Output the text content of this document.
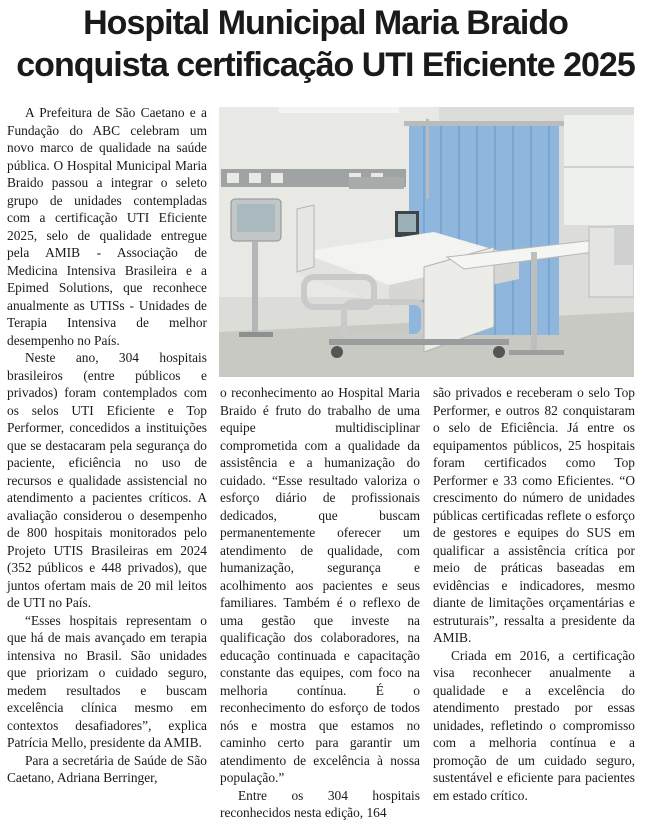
Hospital Municipal Maria Braido
conquista certificação UTI Eficiente 2025

A Prefeitura de São Caetano e a Fundação do ABC celebram um novo marco de qualidade na saúde pública. O Hospital Municipal Maria Braido passou a integrar o seleto grupo de unidades contempladas com a certificação UTI Eficiente 2025, selo de qualidade entregue pela AMIB - Associação de Medicina Intensiva Brasileira e a Epimed Solutions, que reconhece anualmente as UTISs - Unidades de Terapia Intensiva de melhor desempenho no País.

Neste ano, 304 hospitais brasileiros (entre públicos e privados) foram contemplados com os selos UTI Eficiente e Top Performer, concedidos a instituições que se destacaram pela segurança do paciente, eficiência no uso de recursos e qualidade assistencial no atendimento a pacientes críticos. A avaliação considerou o desempenho de 800 hospitais monitorados pelo Projeto UTIS Brasileiras em 2024 (352 públicos e 448 privados), que juntos ofertam mais de 20 mil leitos de UTI no País.

“Esses hospitais representam o que há de mais avançado em terapia intensiva no Brasil. São unidades que priorizam o cuidado seguro, medem resultados e buscam excelência clínica mesmo em contextos desafiadores”, explica Patrícia Mello, presidente da AMIB.

Para a secretária de Saúde de São Caetano, Adriana Berringer,

o reconhecimento ao Hospital Maria Braido é fruto do trabalho de uma equipe multidisciplinar comprometida com a qualidade da assistência e a humanização do cuidado. “Esse resultado valoriza o esforço diário de profissionais dedicados, que buscam permanentemente oferecer um atendimento de qualidade, com humanização, segurança e acolhimento aos pacientes e seus familiares. Também é o reflexo de uma gestão que investe na qualificação dos colaboradores, na educação continuada e capacitação constante das equipes, com foco na melhoria contínua. É o reconhecimento do esforço de todos nós e mostra que estamos no caminho certo para garantir um atendimento de excelência à nossa população.”

Entre os 304 hospitais reconhecidos nesta edição, 164

são privados e receberam o selo Top Performer, e outros 82 conquistaram o selo de Eficiência. Já entre os equipamentos públicos, 25 hospitais foram certificados como Top Performer e 33 como Eficientes. “O crescimento do número de unidades públicas certificadas reflete o esforço de gestores e equipes do SUS em qualificar a assistência crítica por meio de práticas baseadas em evidências e indicadores, mesmo diante de limitações orçamentárias e estruturais”, ressalta a presidente da AMIB.

Criada em 2016, a certificação visa reconhecer anualmente a qualidade e a excelência do atendimento prestado por essas unidades, refletindo o compromisso com a melhoria contínua e a promoção de um cuidado seguro, sustentável e eficiente para pacientes em estado crítico.
